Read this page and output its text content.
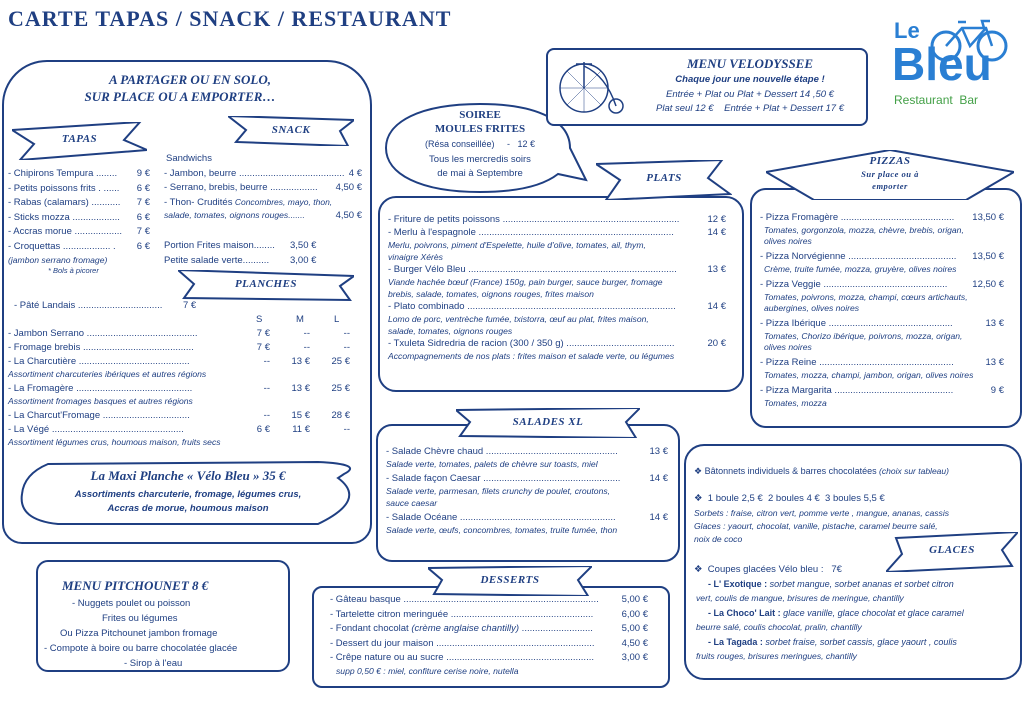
CARTE TAPAS / SNACK / RESTAURANT	Le
Bleu
Restaurant  Bar
A PARTAGER OU EN SOLO,
SUR PLACE OU A EMPORTER…
TAPAS
(jambon serrano fromage)
* Bols à picorer
SNACK
Sandwichs
Portion Frites maison........ 3,50 €
Petite salade verte.......... 3,00 €
PLANCHES
- Pâté Landais ................................ 7 €
La Maxi Planche « Vélo Bleu » 35 €
Assortiments charcuterie, fromage, légumes crus,
Accras de morue, houmous maison
MENU PITCHOUNET 8 €
SOIREE
MOULES FRITES
(Résa conseillée)     -   12 €
Tous les mercredis soirs
de mai à Septembre
MENU VELODYSSEE
Chaque jour une nouvelle étape !
Entrée + Plat ou Plat + Dessert 14 ,50 €
Plat seul 12 €    Entrée + Plat + Dessert 17 €
PLATS
SALADES XL
DESSERTS
supp 0,50 € : miel, confiture cerise noire, nutella
PIZZAS
Sur place ou à
emporter
GLACES
❖ Bâtonnets individuels & barres chocolatées (choix sur tableau)
❖  1 boule 2,5 €  2 boules 4 €  3 boules 5,5 €
Sorbets : fraise, citron vert, pomme verte , mangue, ananas, cassis
Glaces : yaourt, chocolat, vanille, pistache, caramel beurre salé,
noix de coco
❖  Coupes glacées Vélo bleu :   7€
- L' Exotique : sorbet mangue, sorbet ananas et sorbet citron
vert, coulis de mangue, brisures de meringue, chantilly
- La Choco' Lait : glace vanille, glace chocolat et glace caramel
beurre salé, coulis chocolat, pralin, chantilly
- La Tagada : sorbet fraise, sorbet cassis, glace yaourt , coulis
fruits rouges, brisures meringues, chantilly
- Chipirons Tempura ........	9 €
- Petits poissons frits . ......	6 €
- Rabas (calamars) ...........	7 €
- Sticks mozza ..................	6 €
- Accras morue ..................	7 €
- Croquettas .................. .	6 €
- Jambon, beurre ........................................ 4 €
- Serrano, brebis, beurre ..................	4,50 €
- Thon- Crudités Concombres, mayo, thon,
salade, tomates, oignons rouges.......	4,50 €
S	M	L
- Jambon Serrano ..........................................	7 €	--	--
- Fromage brebis ..........................................	7 €	--	--
- La Charcutière ..........................................	--	13 €	25 €
Assortiment charcuteries ibériques et autres régions
- La Fromagère ............................................	--	13 €	25 €
Assortiment fromages basques et autres régions
- La Charcut'Fromage .................................	--	15 €	28 €
- La Végé ..................................................	6 €	11 €	--
Assortiment légumes crus, houmous maison, fruits secs
- Nuggets poulet ou poisson
Frites ou légumes
Ou Pizza Pitchounet jambon fromage
- Compote à boire ou barre chocolatée glacée
- Sirop à l'eau
- Friture de petits poissons ...................................................................	12 €
- Merlu à l'espagnole ..........................................................................	14 €
Merlu, poivrons, piment d'Espelette, huile d'olive, tomates, ail, thym,
vinaigre Xérès
- Burger Vélo Bleu ...............................................................................	13 €
Viande hachée bœuf (France) 150g, pain burger, sauce burger, fromage
brebis, salade, tomates, oignons rouges, frites maison
- Plato combinado ...............................................................................	14 €
Lomo de porc, ventrèche fumée, txistorra, œuf au plat, frites maison,
salade, tomates, oignons rouges
- Txuleta Sidredria de racion (300 / 350 g) .........................................	20 €
Accompagnements de nos plats : frites maison et salade verte, ou légumes
- Salade Chèvre chaud ..................................................	13 €
Salade verte, tomates, palets de chèvre sur toasts, miel
- Salade façon Caesar ....................................................	14 €
Salade verte, parmesan, filets crunchy de poulet, croutons,
sauce caesar
- Salade Océane ...........................................................	14 €
Salade verte, œufs, concombres, tomates, truite fumée, thon
- Gâteau basque ..........................................................................	5,00 €
- Tartelette citron meringuée ......................................................	6,00 €
- Fondant chocolat (crème anglaise chantilly) ...........................	5,00 €
- Dessert du jour maison ............................................................	4,50 €
- Crêpe nature ou au sucre ........................................................	3,00 €
- Pizza Fromagère ...........................................	13,50 €
Tomates, gorgonzola, mozza, chèvre, brebis, origan,
olives noires
- Pizza Norvégienne .........................................	13,50 €
Crème, truite fumée, mozza, gruyère, olives noires
- Pizza Veggie ...............................................	12,50 €
Tomates, poivrons, mozza, champi, cœurs artichauts,
aubergines, olives noires
- Pizza Ibérique ...............................................	13 €
Tomates, Chorizo ibérique, poivrons, mozza, origan,
olives noires
- Pizza Reine ...................................................	13 €
Tomates, mozza, champi, jambon, origan, olives noires
- Pizza Margarita .............................................	9 €
Tomates, mozza
